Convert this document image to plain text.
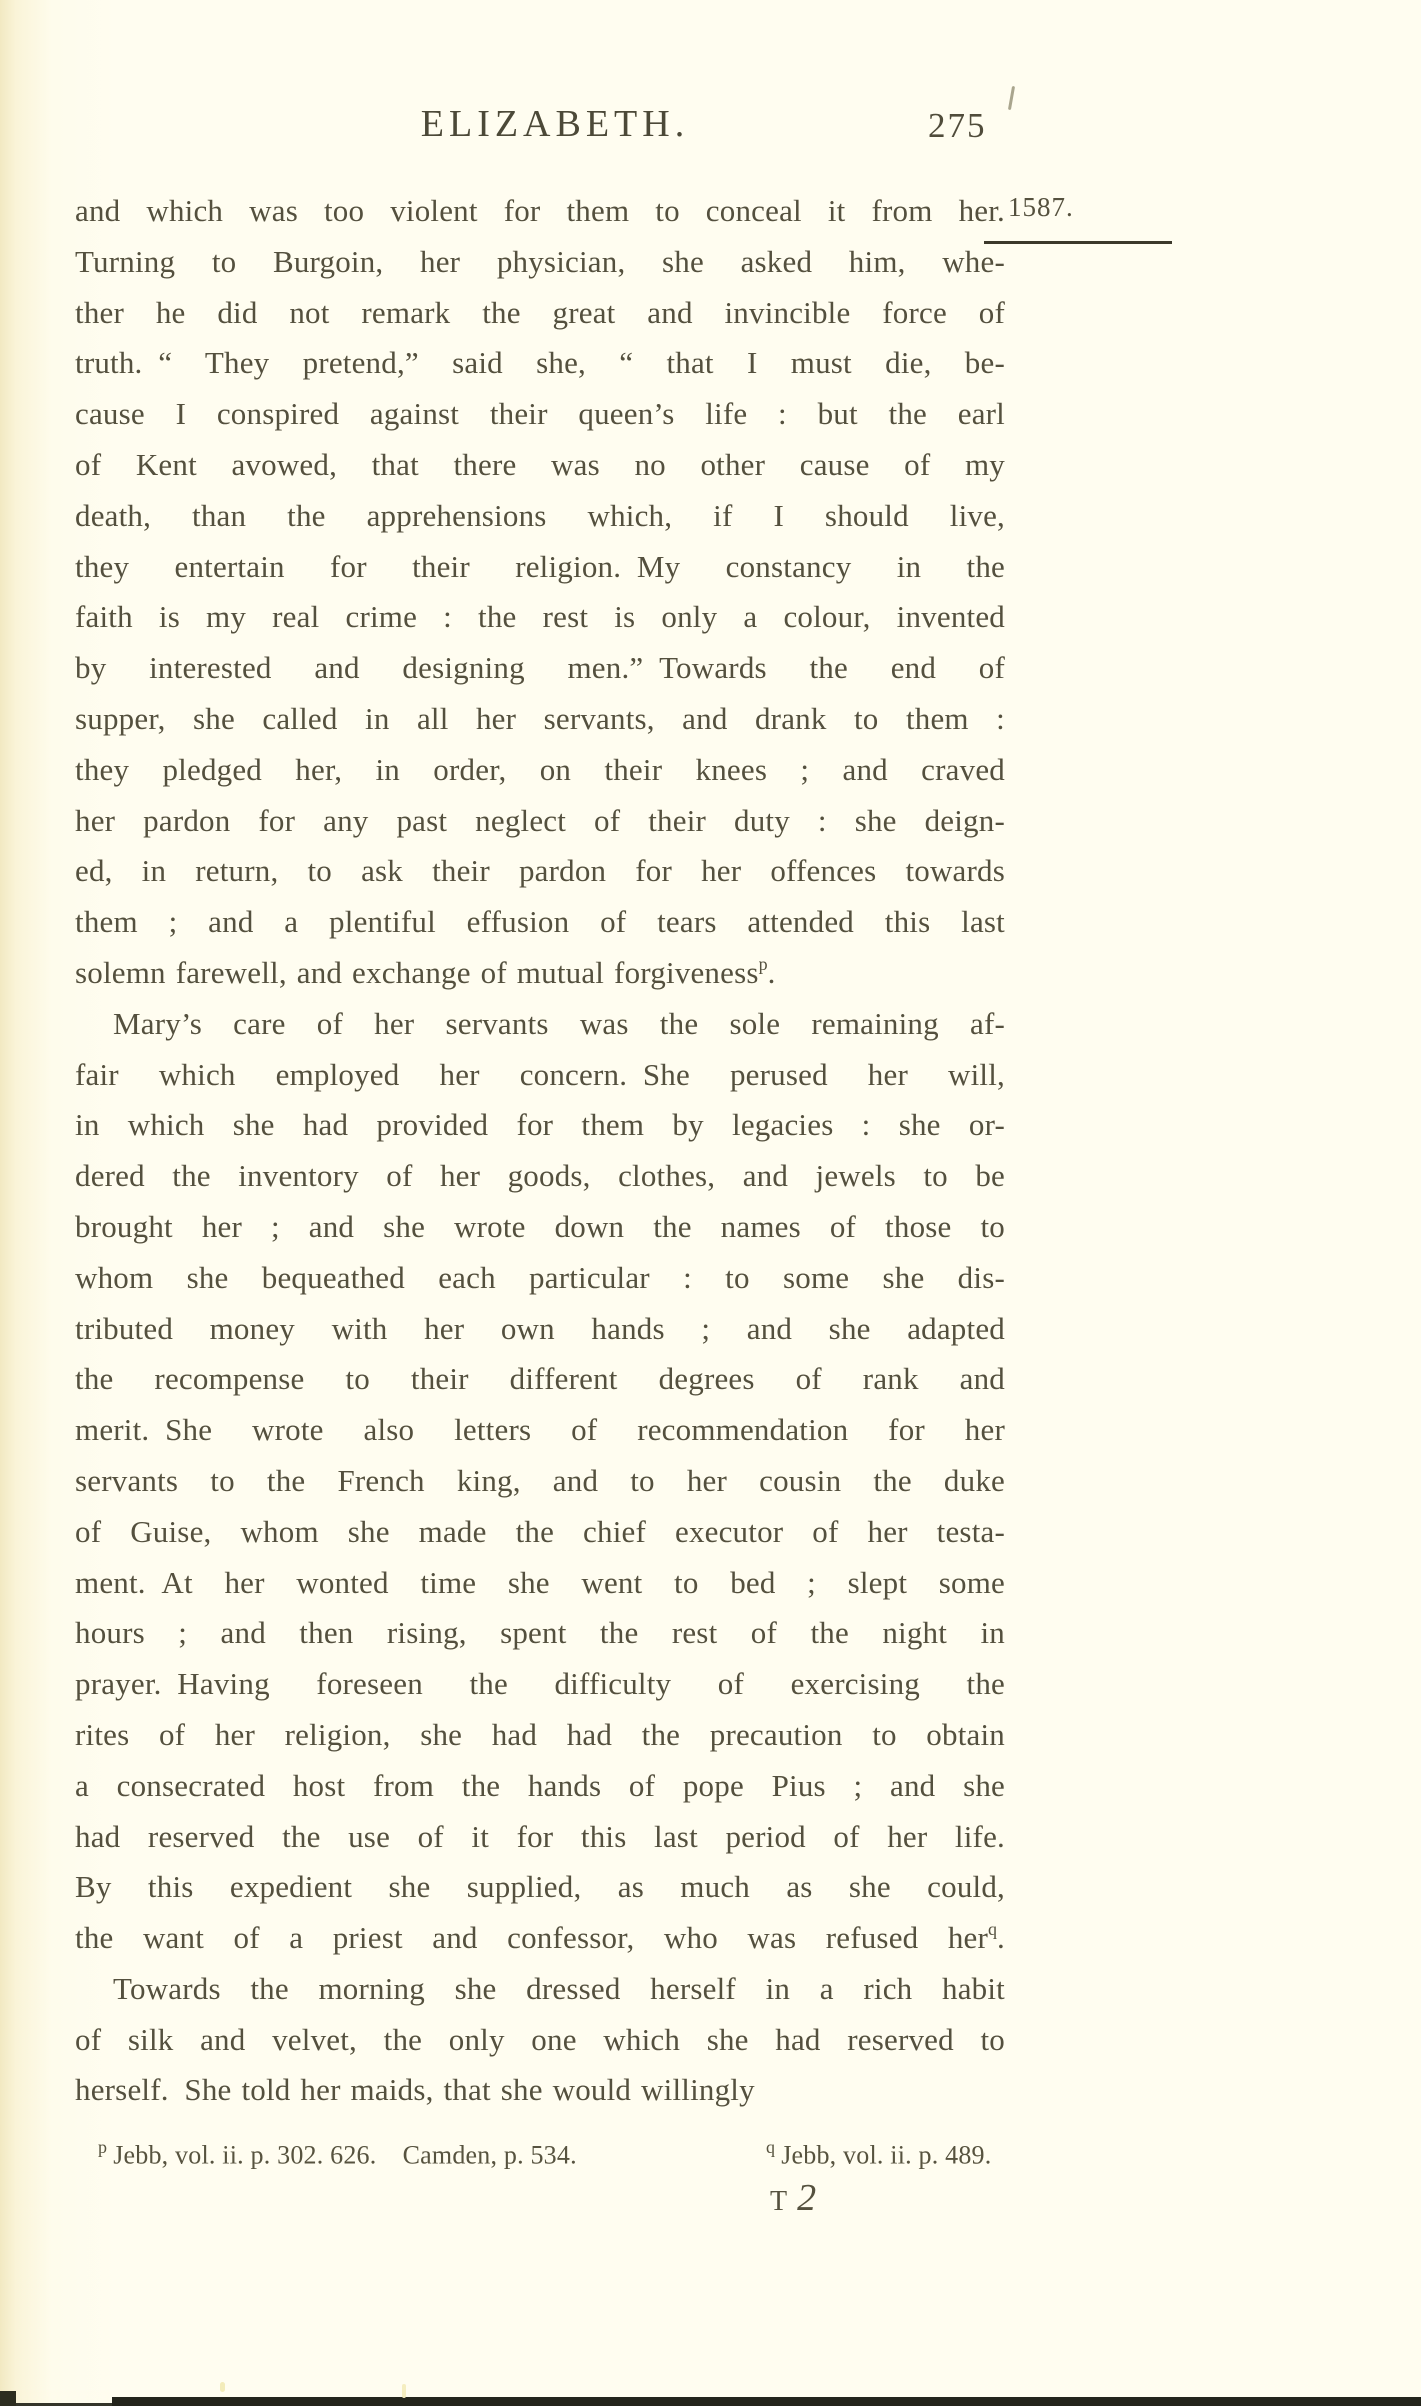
ELIZABETH.	275
1587.
and which was too violent for them to conceal it from her.
Turning to Burgoin, her physician, she asked him, whe-
ther he did not remark the great and invincible force of
truth. “ They pretend,” said she, “ that I must die, be-
cause I conspired against their queen’s life : but the earl
of Kent avowed, that there was no other cause of my
death, than the apprehensions which, if I should live,
they entertain for their religion. My constancy in the
faith is my real crime : the rest is only a colour, invented
by interested and designing men.” Towards the end of
supper, she called in all her servants, and drank to them :
they pledged her, in order, on their knees ; and craved
her pardon for any past neglect of their duty : she deign-
ed, in return, to ask their pardon for her offences towards
them ; and a plentiful effusion of tears attended this last
solemn farewell, and exchange of mutual forgiveness$^p$.
Mary’s care of her servants was the sole remaining af-
fair which employed her concern. She perused her will,
in which she had provided for them by legacies : she or-
dered the inventory of her goods, clothes, and jewels to be
brought her ; and she wrote down the names of those to
whom she bequeathed each particular : to some she dis-
tributed money with her own hands ; and she adapted
the recompense to their different degrees of rank and
merit. She wrote also letters of recommendation for her
servants to the French king, and to her cousin the duke
of Guise, whom she made the chief executor of her testa-
ment. At her wonted time she went to bed ; slept some
hours ; and then rising, spent the rest of the night in
prayer. Having foreseen the difficulty of exercising the
rites of her religion, she had had the precaution to obtain
a consecrated host from the hands of pope Pius ; and she
had reserved the use of it for this last period of her life.
By this expedient she supplied, as much as she could,
the want of a priest and confessor, who was refused her$^q$.
Towards the morning she dressed herself in a rich habit
of silk and velvet, the only one which she had reserved to
herself. She told her maids, that she would willingly
$^p$ Jebb, vol. ii. p. 302. 626. Camden, p. 534.	$^q$ Jebb, vol. ii. p. 489.
T 2
